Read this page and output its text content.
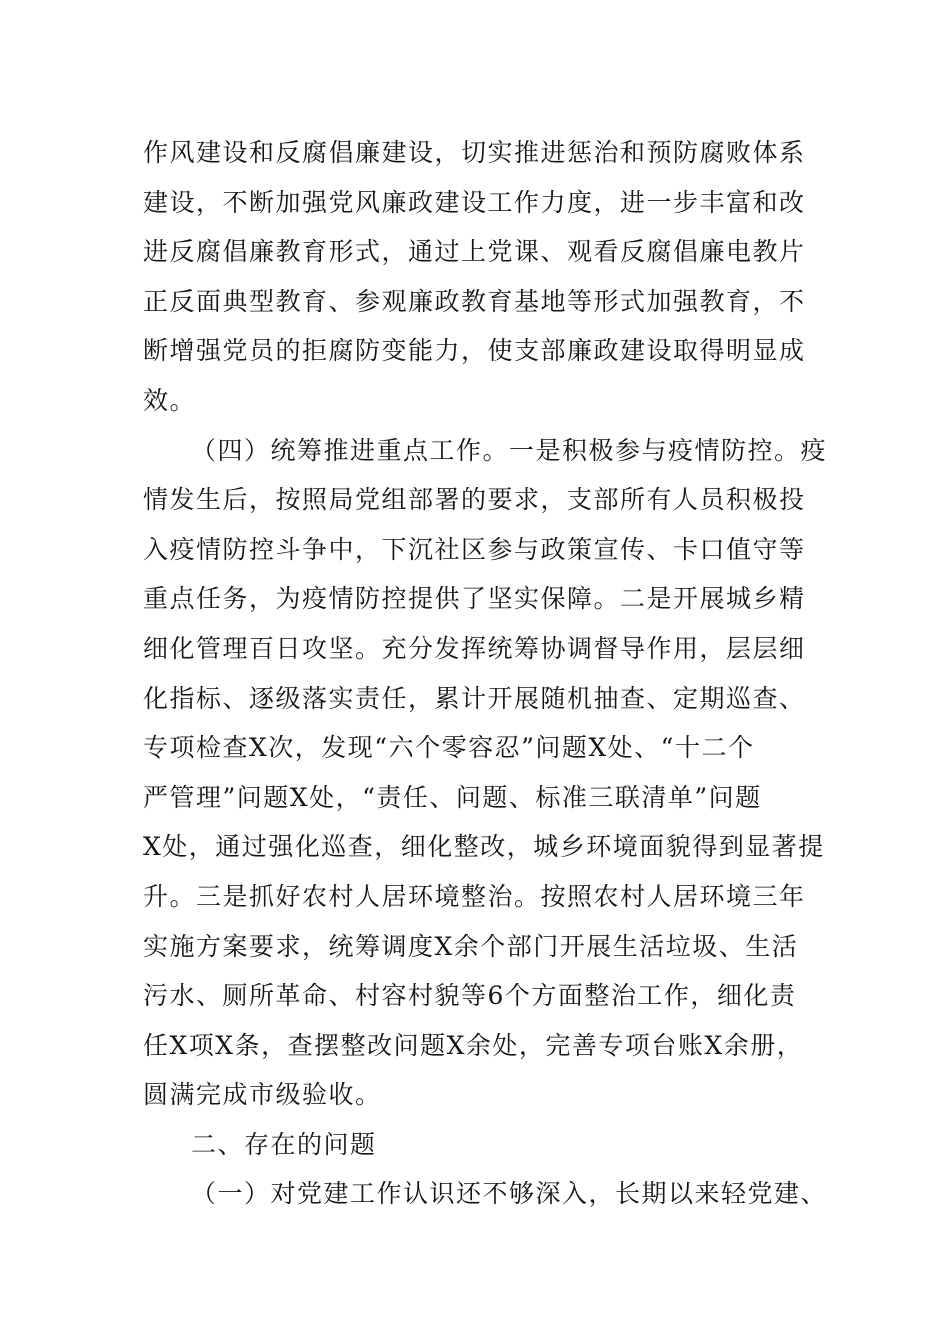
作风建设和反腐倡廉建设，切实推进惩治和预防腐败体系
建设，不断加强党风廉政建设工作力度，进一步丰富和改
进反腐倡廉教育形式，通过上党课、观看反腐倡廉电教片
正反面典型教育、参观廉政教育基地等形式加强教育，不
断增强党员的拒腐防变能力，使支部廉政建设取得明显成
效。
（四）统筹推进重点工作。一是积极参与疫情防控。疫
情发生后，按照局党组部署的要求，支部所有人员积极投
入疫情防控斗争中，下沉社区参与政策宣传、卡口值守等
重点任务，为疫情防控提供了坚实保障。二是开展城乡精
细化管理百日攻坚。充分发挥统筹协调督导作用，层层细
化指标、逐级落实责任，累计开展随机抽查、定期巡查、
专项检查X次，发现“六个零容忍”问题X处、“十二个
严管理”问题X处，“责任、问题、标准三联清单”问题
X处，通过强化巡查，细化整改，城乡环境面貌得到显著提
升。三是抓好农村人居环境整治。按照农村人居环境三年
实施方案要求，统筹调度X余个部门开展生活垃圾、生活
污水、厕所革命、村容村貌等6个方面整治工作，细化责
任X项X条，查摆整改问题X余处，完善专项台账X余册，
圆满完成市级验收。
二、存在的问题
（一）对党建工作认识还不够深入，长期以来轻党建、
